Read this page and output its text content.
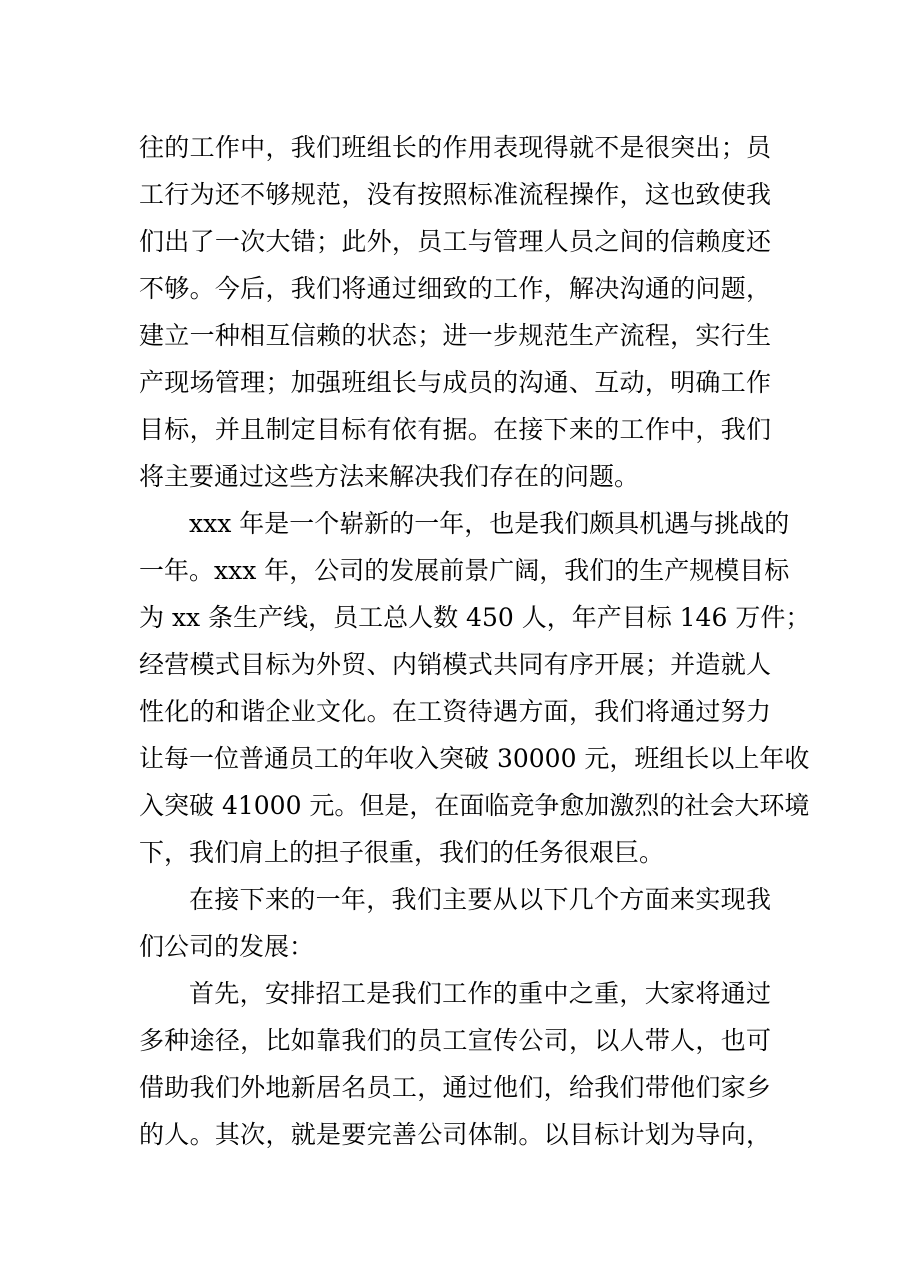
往的工作中，我们班组长的作用表现得就不是很突出；员
工行为还不够规范，没有按照标准流程操作，这也致使我
们出了一次大错；此外，员工与管理人员之间的信赖度还
不够。今后，我们将通过细致的工作，解决沟通的问题，
建立一种相互信赖的状态；进一步规范生产流程，实行生
产现场管理；加强班组长与成员的沟通、互动，明确工作
目标，并且制定目标有依有据。在接下来的工作中，我们
将主要通过这些方法来解决我们存在的问题。
xxx 年是一个崭新的一年，也是我们颇具机遇与挑战的
一年。xxx 年，公司的发展前景广阔，我们的生产规模目标
为 xx 条生产线，员工总人数 450 人，年产目标 146 万件；
经营模式目标为外贸、内销模式共同有序开展；并造就人
性化的和谐企业文化。在工资待遇方面，我们将通过努力
让每一位普通员工的年收入突破 30000 元，班组长以上年收
入突破 41000 元。但是，在面临竞争愈加激烈的社会大环境
下，我们肩上的担子很重，我们的任务很艰巨。
在接下来的一年，我们主要从以下几个方面来实现我
们公司的发展：
首先，安排招工是我们工作的重中之重，大家将通过
多种途径，比如靠我们的员工宣传公司，以人带人，也可
借助我们外地新居名员工，通过他们，给我们带他们家乡
的人。其次，就是要完善公司体制。以目标计划为导向，
